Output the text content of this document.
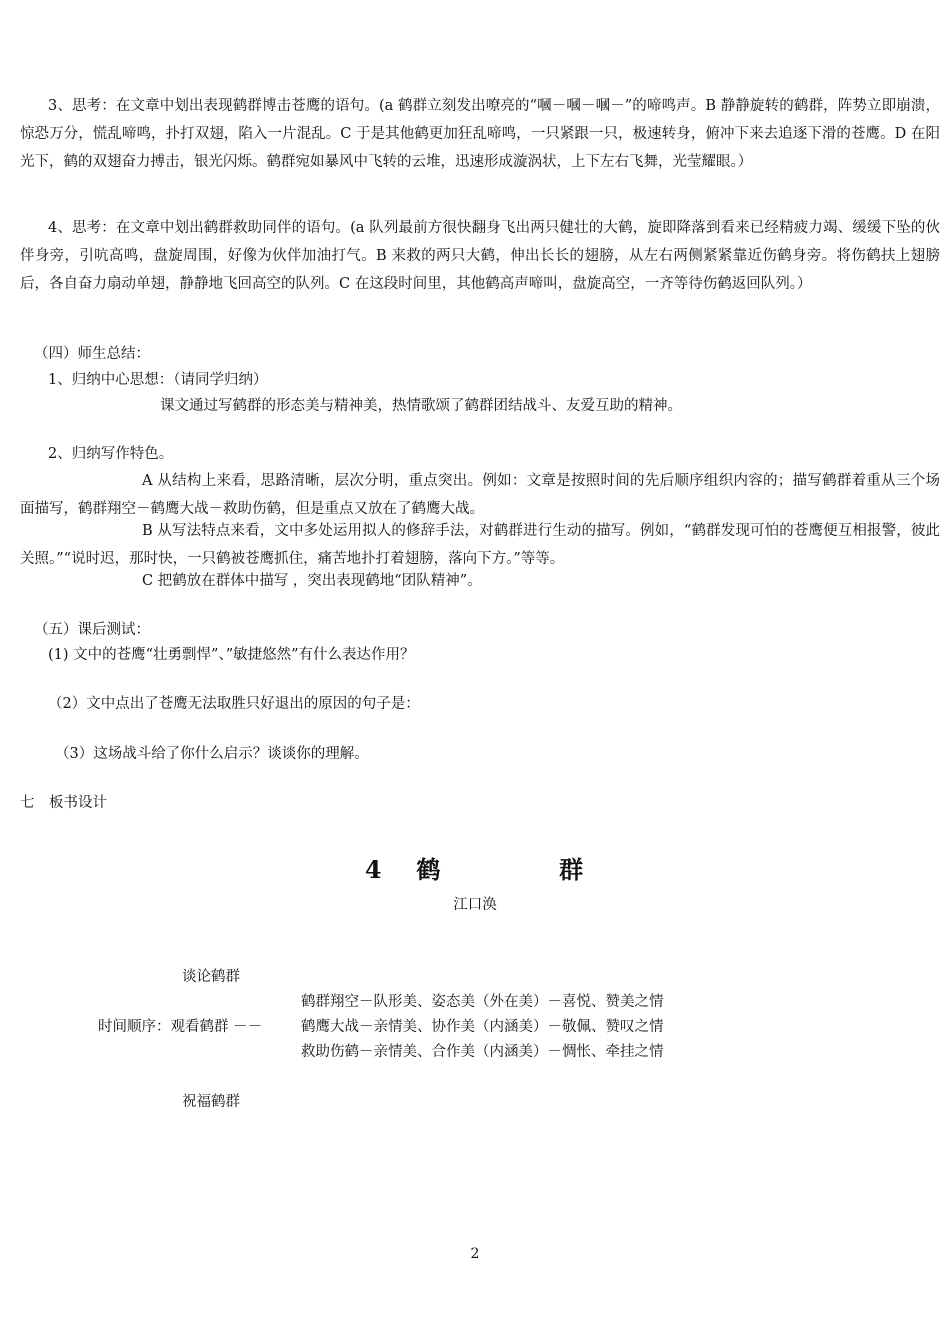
3、思考：在文章中划出表现鹤群博击苍鹰的语句。(a 鹤群立刻发出嘹亮的“嘓－嘓－嘓－”的啼鸣声。B 静静旋转的鹤群，阵势立即崩溃，惊恐万分，慌乱啼鸣，扑打双翅，陷入一片混乱。C 于是其他鹤更加狂乱啼鸣，一只紧跟一只，极速转身，俯冲下来去追逐下滑的苍鹰。D 在阳光下，鹤的双翅奋力搏击，银光闪烁。鹤群宛如暴风中飞转的云堆，迅速形成漩涡状，上下左右飞舞，光莹耀眼。）

4、思考：在文章中划出鹤群救助同伴的语句。(a 队列最前方很快翻身飞出两只健壮的大鹤，旋即降落到看来已经精疲力竭、缓缓下坠的伙伴身旁，引吭高鸣，盘旋周围，好像为伙伴加油打气。B 来救的两只大鹤，伸出长长的翅膀，从左右两侧紧紧靠近伤鹤身旁。将伤鹤扶上翅膀后，各自奋力扇动单翅，静静地飞回高空的队列。C 在这段时间里，其他鹤高声啼叫，盘旋高空，一齐等待伤鹤返回队列。）

（四）师生总结：

1、归纳中心思想：（请同学归纳）

课文通过写鹤群的形态美与精神美，热情歌颂了鹤群团结战斗、友爱互助的精神。

2、归纳写作特色。

A 从结构上来看，思路清晰，层次分明，重点突出。例如：文章是按照时间的先后顺序组织内容的；描写鹤群着重从三个场面描写，鹤群翔空－鹤鹰大战－救助伤鹤，但是重点又放在了鹤鹰大战。

B 从写法特点来看，文中多处运用拟人的修辞手法，对鹤群进行生动的描写。例如，“鹤群发现可怕的苍鹰便互相报警，彼此关照。”“说时迟，那时快，一只鹤被苍鹰抓住，痛苦地扑打着翅膀，落向下方。”等等。

C 把鹤放在群体中描写 ，突出表现鹤地“团队精神”。

（五）课后测试：

(1) 文中的苍鹰“壮勇剽悍”、”敏捷悠然”有什么表达作用？

（2）文中点出了苍鹰无法取胜只好退出的原因的句子是：

（3）这场战斗给了你什么启示？谈谈你的理解。

七　板书设计

4 鹤	群
江口涣

谈论鹤群

鹤群翔空－队形美、姿态美（外在美）－喜悦、赞美之情

时间顺序：观看鹤群 －－	鹤鹰大战－亲情美、协作美（内涵美）－敬佩、赞叹之情

救助伤鹤－亲情美、合作美（内涵美）－惆怅、牵挂之情

祝福鹤群

2
